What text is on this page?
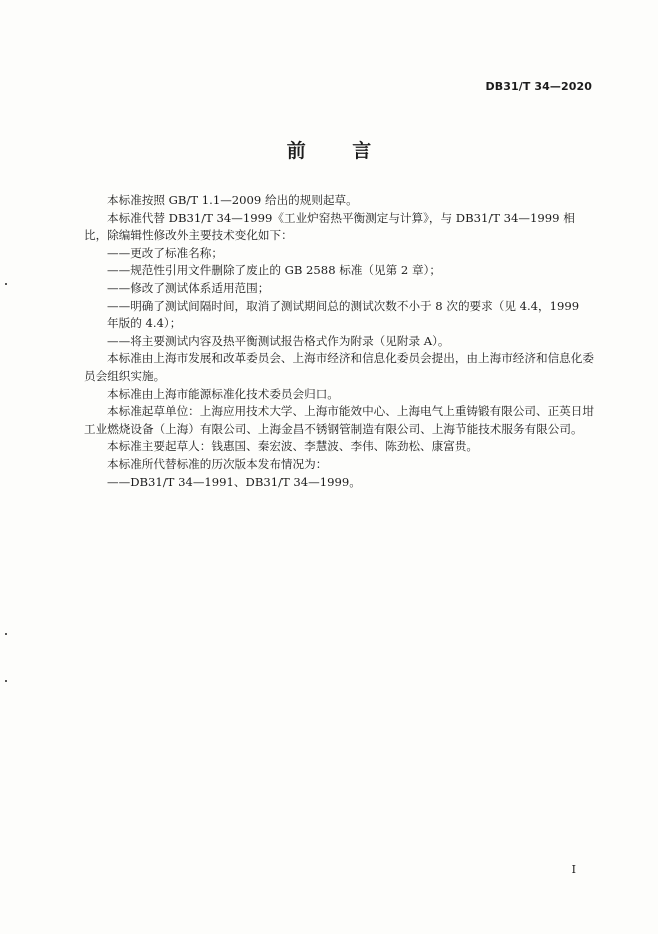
DB31/T 34—2020
前 言

本标准按照 GB/T 1.1—2009 给出的规则起草。

本标准代替 DB31/T 34—1999《工业炉窑热平衡测定与计算》，与 DB31/T 34—1999 相比，除编辑性修改外主要技术变化如下：

——更改了标准名称；

——规范性引用文件删除了废止的 GB 2588 标准（见第 2 章）；

——修改了测试体系适用范围；

——明确了测试间隔时间，取消了测试期间总的测试次数不小于 8 次的要求（见 4.4，1999 年版的 4.4）；

——将主要测试内容及热平衡测试报告格式作为附录（见附录 A）。

本标准由上海市发展和改革委员会、上海市经济和信息化委员会提出，由上海市经济和信息化委员会组织实施。

本标准由上海市能源标准化技术委员会归口。

本标准起草单位：上海应用技术大学、上海市能效中心、上海电气上重铸锻有限公司、正英日坩工业燃烧设备（上海）有限公司、上海金昌不锈钢管制造有限公司、上海节能技术服务有限公司。

本标准主要起草人：钱惠国、秦宏波、李慧波、李伟、陈劲松、康富贵。

本标准所代替标准的历次版本发布情况为：

——DB31/T 34—1991、DB31/T 34—1999。

I
